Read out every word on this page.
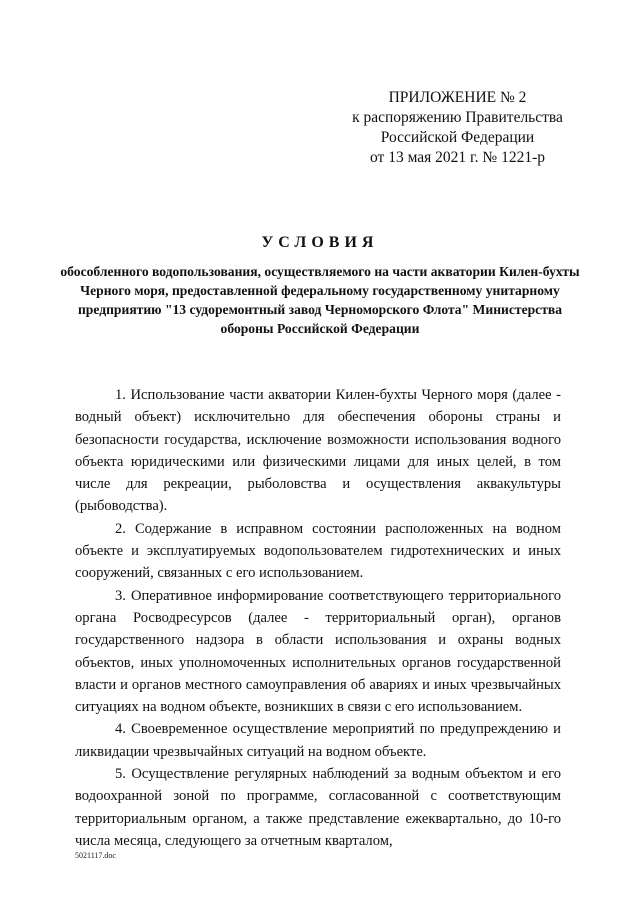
ПРИЛОЖЕНИЕ № 2
к распоряжению Правительства
Российской Федерации
от 13 мая 2021 г. № 1221-р
УСЛОВИЯ
обособленного водопользования, осуществляемого на части акватории Килен-бухты Черного моря, предоставленной федеральному государственному унитарному предприятию "13 судоремонтный завод Черноморского Флота" Министерства обороны Российской Федерации

1. Использование части акватории Килен-бухты Черного моря (далее - водный объект) исключительно для обеспечения обороны страны и безопасности государства, исключение возможности использования водного объекта юридическими или физическими лицами для иных целей, в том числе для рекреации, рыболовства и осуществления аквакультуры (рыбоводства).

2. Содержание в исправном состоянии расположенных на водном объекте и эксплуатируемых водопользователем гидротехнических и иных сооружений, связанных с его использованием.

3. Оперативное информирование соответствующего территориального органа Росводресурсов (далее - территориальный орган), органов государственного надзора в области использования и охраны водных объектов, иных уполномоченных исполнительных органов государственной власти и органов местного самоуправления об авариях и иных чрезвычайных ситуациях на водном объекте, возникших в связи с его использованием.

4. Своевременное осуществление мероприятий по предупреждению и ликвидации чрезвычайных ситуаций на водном объекте.

5. Осуществление регулярных наблюдений за водным объектом и его водоохранной зоной по программе, согласованной с соответствующим территориальным органом, а также представление ежеквартально, до 10-го числа месяца, следующего за отчетным кварталом,

5021117.doc
